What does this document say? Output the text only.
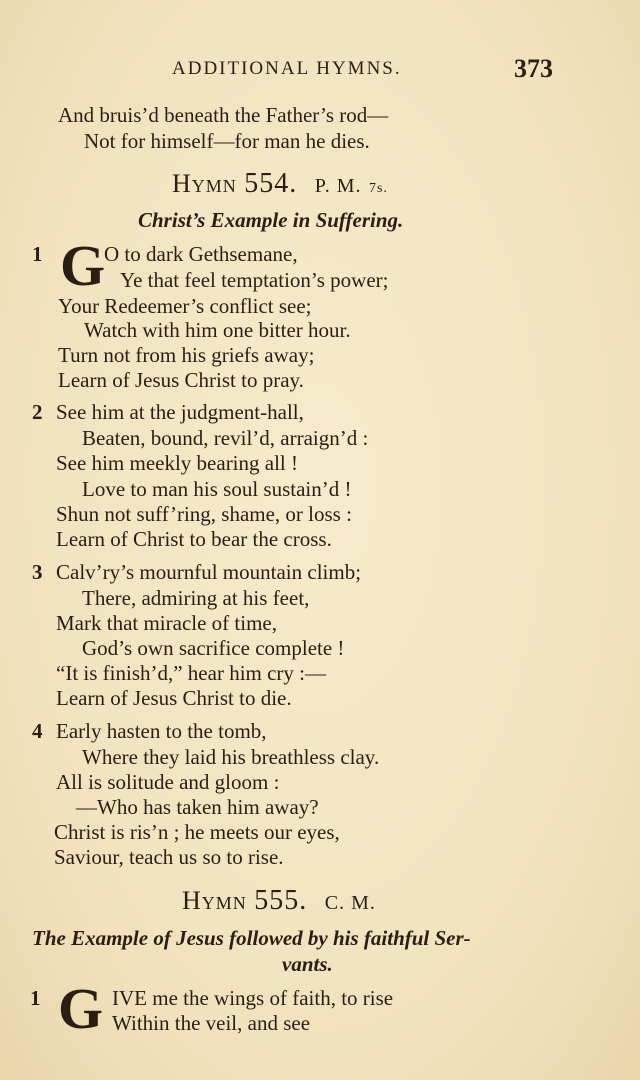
ADDITIONAL HYMNS.	373
And bruis’d beneath the Father’s rod—
Not for himself—for man he dies.
Hymn 554. P. M. 7s.
Christ’s Example in Suffering.
1 G
O to dark Gethsemane,
Ye that feel temptation’s power;
Your Redeemer’s conflict see;
Watch with him one bitter hour.
Turn not from his griefs away;
Learn of Jesus Christ to pray.
2 See him at the judgment-hall,
Beaten, bound, revil’d, arraign’d :
See him meekly bearing all !
Love to man his soul sustain’d !
Shun not suff’ring, shame, or loss :
Learn of Christ to bear the cross.
3 Calv’ry’s mournful mountain climb;
There, admiring at his feet,
Mark that miracle of time,
God’s own sacrifice complete !
“It is finish’d,” hear him cry :—
Learn of Jesus Christ to die.
4 Early hasten to the tomb,
Where they laid his breathless clay.
All is solitude and gloom :
—Who has taken him away?
Christ is ris’n ; he meets our eyes,
Saviour, teach us so to rise.
Hymn 555. C. M.
The Example of Jesus followed by his faithful Ser-
vants.
1 G IVE me the wings of faith, to rise
Within the veil, and see
